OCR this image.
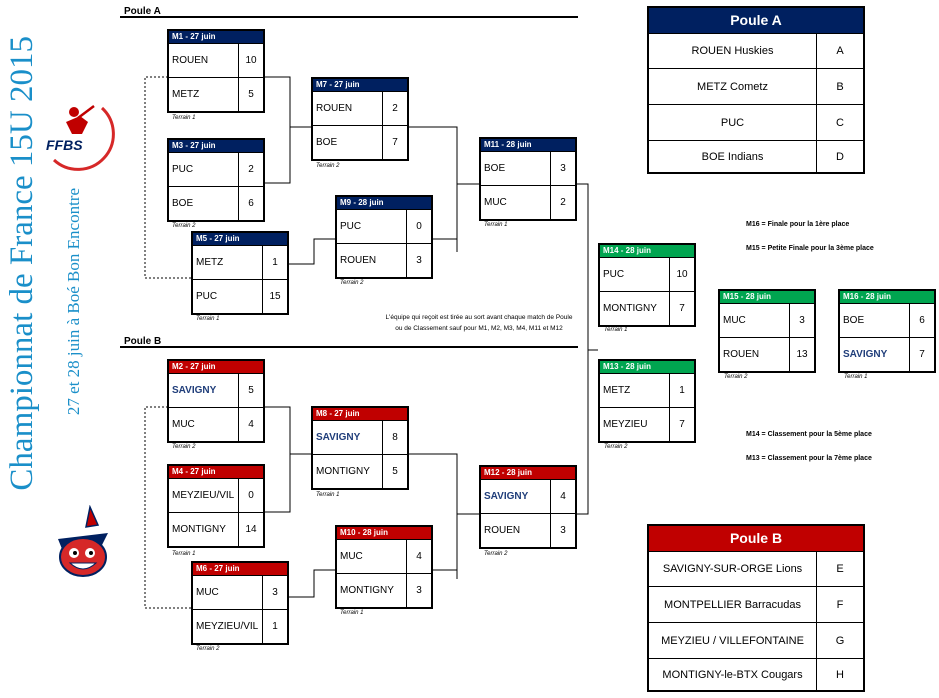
Championnat de France 15U 2015 27 et 28 juin à Boé Bon Encontre
FFBS
Poule A
Poule B
M1 - 27 juin
ROUEN	10
METZ	5
Terrain 1
M3 - 27 juin
PUC	2
BOE	6
Terrain 2
M5 - 27 juin
METZ	1
PUC	15
Terrain 1
M7 - 27 juin
ROUEN	2
BOE	7
Terrain 2
M9 - 28 juin
PUC	0
ROUEN	3
Terrain 2
M11 - 28 juin
BOE	3
MUC	2
Terrain 1
M2 - 27 juin
SAVIGNY	5
MUC	4
Terrain 2
M4 - 27 juin
MEYZIEU/VIL	0
MONTIGNY	14
Terrain 1
M6 - 27 juin
MUC	3
MEYZIEU/VIL	1
Terrain 2
M8 - 27 juin
SAVIGNY	8
MONTIGNY	5
Terrain 1
M10 - 28 juin
MUC	4
MONTIGNY	3
Terrain 1
M12 - 28 juin
SAVIGNY	4
ROUEN	3
Terrain 2
M14 - 28 juin
PUC	10
MONTIGNY	7
Terrain 1
M13 - 28 juin
METZ	1
MEYZIEU	7
Terrain 2
M15 - 28 juin
MUC	3
ROUEN	13
Terrain 2
M16 - 28 juin
BOE	6
SAVIGNY	7
Terrain 1
M16 = Finale pour la 1ère place
M15 = Petite Finale pour la 3ème place
M14 = Classement pour la 5ème place
M13 = Classement pour la 7ème place
L'équipe qui reçoit est tirée au sort avant chaque match de Poule
ou de Classement sauf pour M1, M2, M3, M4, M11 et M12
Poule A
ROUEN Huskies	A
METZ Cometz	B
PUC	C
BOE Indians	D
Poule B
SAVIGNY-SUR-ORGE Lions	E
MONTPELLIER Barracudas	F
MEYZIEU / VILLEFONTAINE	G
MONTIGNY-le-BTX Cougars	H
